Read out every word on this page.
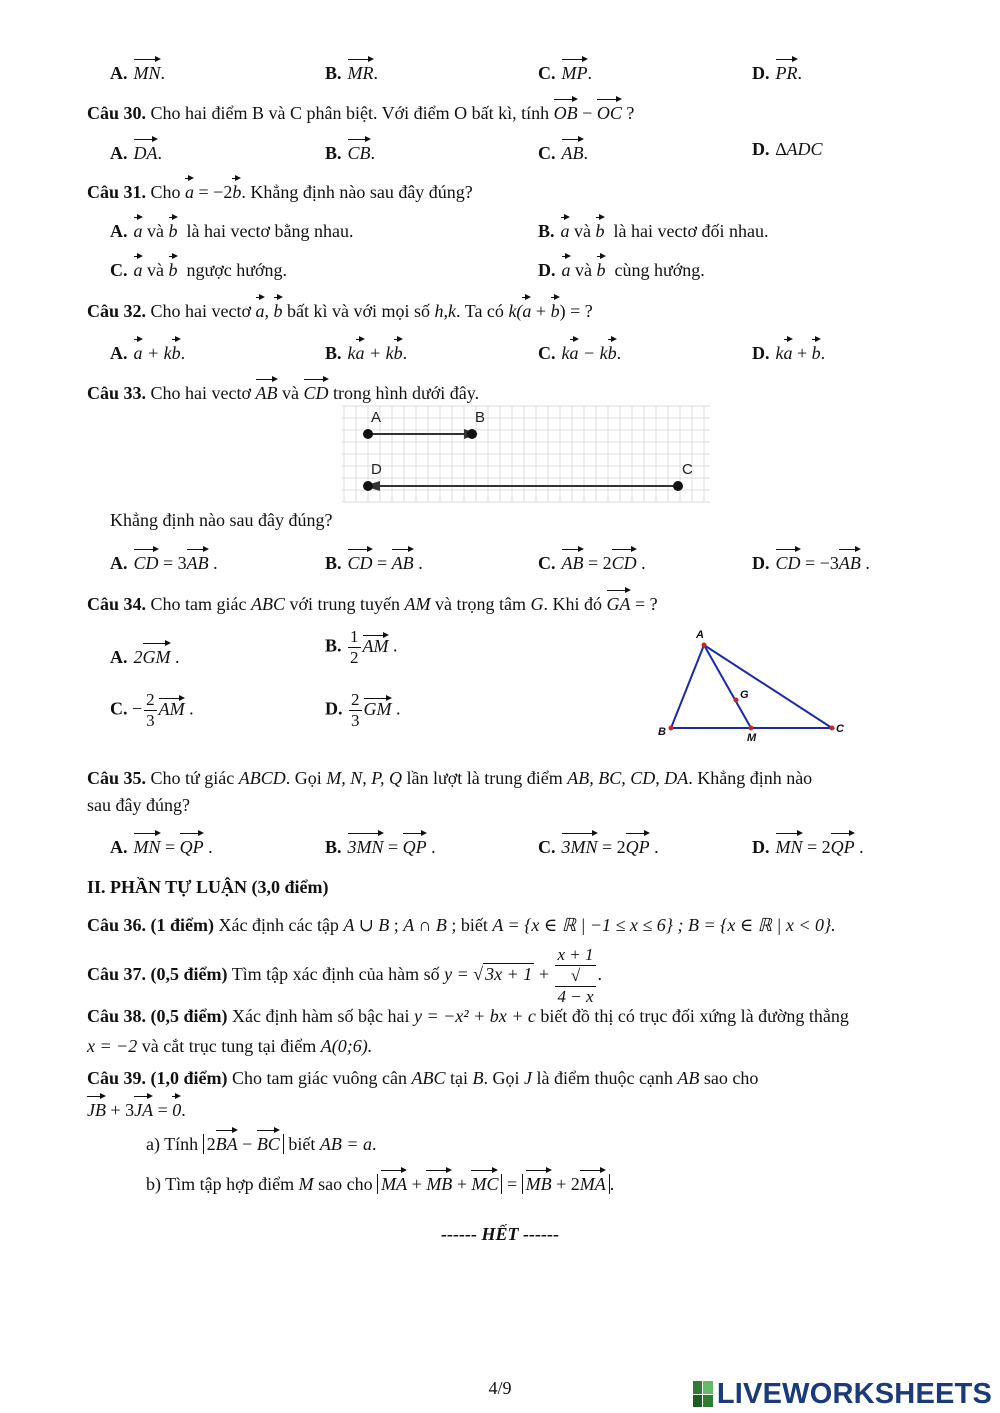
A. MN.	B. MR.	C. MP.	D. PR.
Câu 30. Cho hai điểm B và C phân biệt. Với điểm O bất kì, tính OB − OC ?
A. DA.	B. CB.	C. AB.	D. ∆ADC
Câu 31. Cho a = −2b. Khẳng định nào sau đây đúng?
A. a và b là hai vectơ bằng nhau.	B. a và b là hai vectơ đối nhau.
C. a và b ngược hướng.	D. a và b cùng hướng.
Câu 32. Cho hai vectơ a, b bất kì và với mọi số h,k. Ta có k(a + b) = ?
A. a + kb.	B. ka + kb.	C. ka − kb.	D. ka + b.
Câu 33. Cho hai vectơ AB và CD trong hình dưới đây.
A	B
D	C
Khẳng định nào sau đây đúng?
A. CD = 3AB .	B. CD = AB .	C. AB = 2CD .	D. CD = −3AB .
Câu 34. Cho tam giác ABC với trung tuyến AM và trọng tâm G. Khi đó GA = ?
A. 2GM .
B. $\frac{1}{2}$ AM .
C. − $\frac{2}{3}$ AM .	D. $\frac{2}{3}$ GM .
A
B	C
M
G
Câu 35. Cho tứ giác ABCD. Gọi M, N, P, Q lần lượt là trung điểm AB, BC, CD, DA. Khẳng định nào
sau đây đúng?
A. MN = QP .	B. 3MN = QP .	C. 3MN = 2QP .	D. MN = 2QP .
II. PHẦN TỰ LUẬN (3,0 điểm)
Câu 36. (1 điểm) Xác định các tập A ∪ B ; A ∩ B ; biết A = {x ∈ ℝ | −1 ≤ x ≤ 6} ; B = {x ∈ ℝ | x < 0}.
Câu 37. (0,5 điểm) Tìm tập xác định của hàm số y = √ 3x + 1 + x + 1
√
4 − x .
Câu 38. (0,5 điểm) Xác định hàm số bậc hai y = −x² + bx + c biết đồ thị có trục đối xứng là đường thẳng
x = −2 và cắt trục tung tại điểm A(0;6).
Câu 39. (1,0 điểm) Cho tam giác vuông cân ABC tại B. Gọi J là điểm thuộc cạnh AB sao cho
JB + 3JA = 0.
a) Tính 2BA − BC biết AB = a.
b) Tìm tập hợp điểm M sao cho MA + MB + MC = MB + 2MA .
------ HẾT ------
4/9	LIVEWORKSHEETS
